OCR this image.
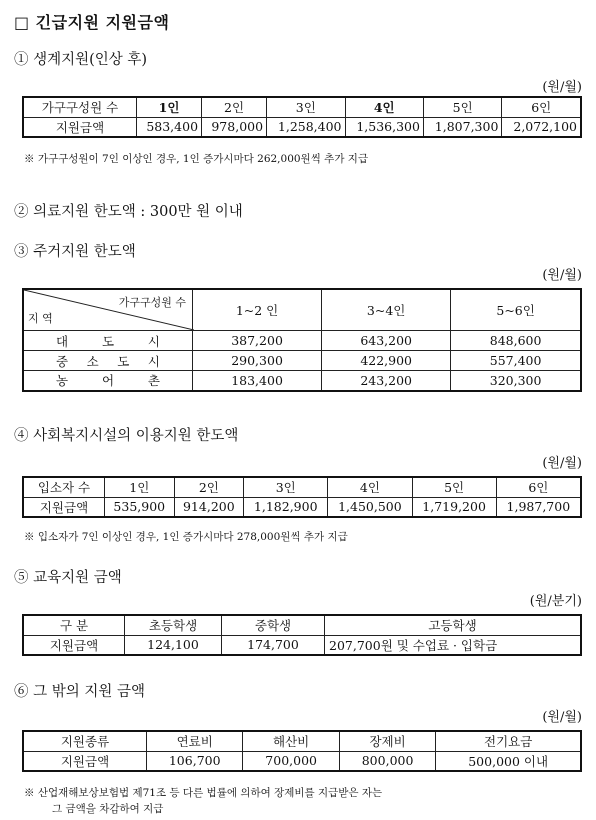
□ 긴급지원 지원금액
① 생계지원(인상 후)
(원/월)
가구구성원 수	1인	2인	3인	4인	5인	6인
지원금액	583,400	978,000	1,258,400	1,536,300	1,807,300	2,072,100
※ 가구구성원이 7인 이상인 경우, 1인 증가시마다 262,000원씩 추가 지급
② 의료지원 한도액 : 300만 원 이내
③ 주거지원 한도액
(원/월)
가구구성원 수
지 역	1~2 인	3~4인	5~6인

대 도 시	387,200	643,200	848,600

중 소 도 시	290,300	422,900	557,400

농 어 촌	183,400	243,200	320,300
④ 사회복지시설의 이용지원 한도액
(원/월)
입소자 수	1인	2인	3인	4인	5인	6인
지원금액	535,900	914,200	1,182,900	1,450,500	1,719,200	1,987,700
※ 입소자가 7인 이상인 경우, 1인 증가시마다 278,000원씩 추가 지급
⑤ 교육지원 금액
(원/분기)
구 분	초등학생	중학생	고등학생
지원금액	124,100	174,700	207,700원 및 수업료 · 입학금
⑥ 그 밖의 지원 금액
(원/월)
지원종류	연료비	해산비	장제비	전기요금
지원금액	106,700	700,000	800,000	500,000 이내
※ 산업재해보상보험법 제71조 등 다른 법률에 의하여 장제비를 지급받은 자는
그 금액을 차감하여 지급
